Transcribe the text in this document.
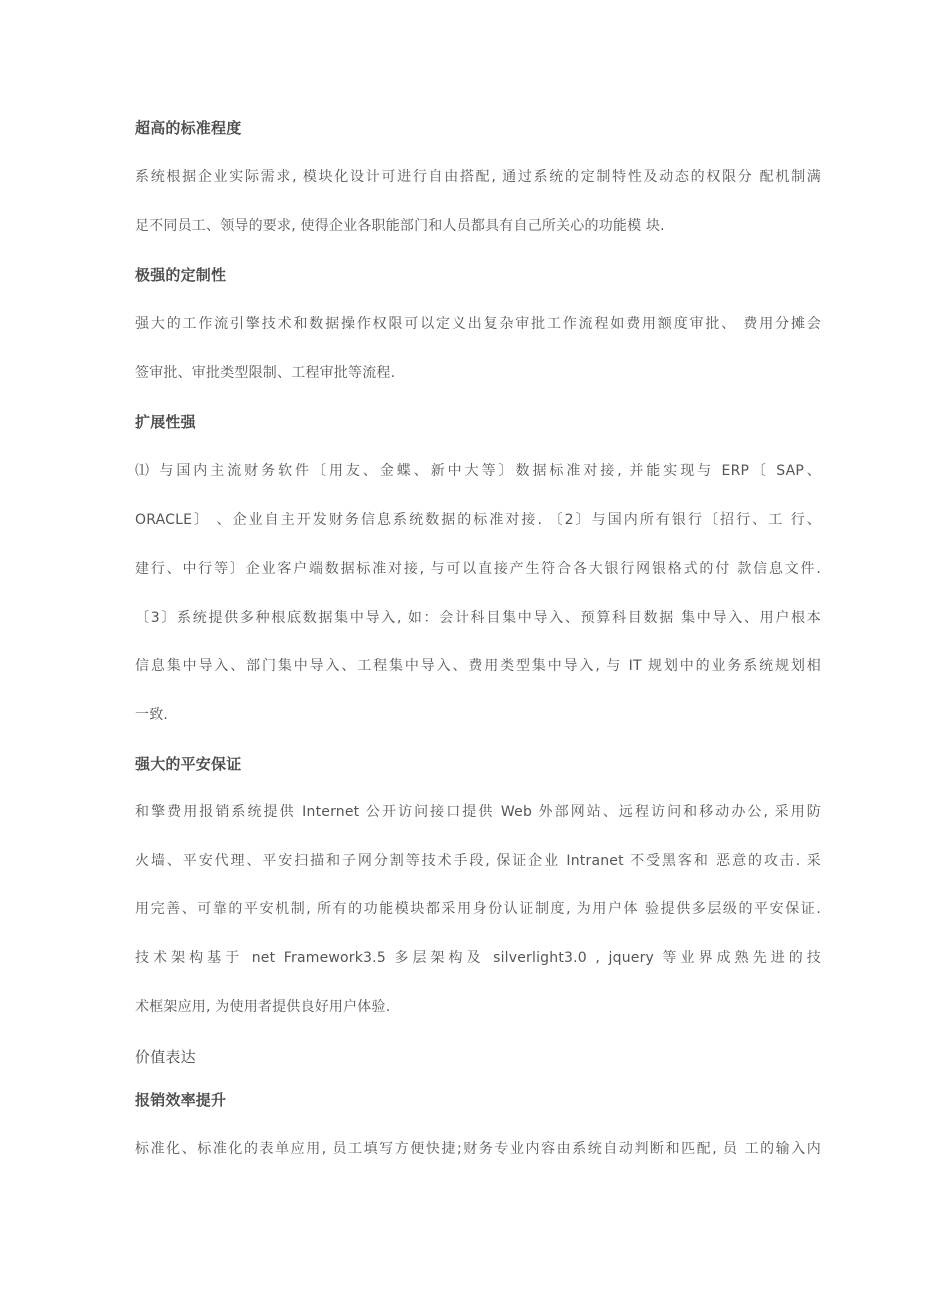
超高的标准程度
系统根据企业实际需求, 模块化设计可进行自由搭配, 通过系统的定制特性及动态的权限分 配机制满
足不同员工、领导的要求, 使得企业各职能部门和人员都具有自己所关心的功能模 块.
极强的定制性
强大的工作流引擎技术和数据操作权限可以定义出复杂审批工作流程如费用额度审批、 费用分摊会
签审批、审批类型限制、工程审批等流程.
扩展性强
⑴ 与国内主流财务软件〔用友、金蝶、新中大等〕数据标准对接, 并能实现与 ERP〔 SAP、
ORACLE〕 、企业自主开发财务信息系统数据的标准对接. 〔2〕与国内所有银行〔招行、工 行、
建行、中行等〕企业客户端数据标准对接, 与可以直接产生符合各大银行网银格式的付 款信息文件.
〔3〕系统提供多种根底数据集中导入, 如：会计科目集中导入、预算科目数据 集中导入、用户根本
信息集中导入、部门集中导入、工程集中导入、费用类型集中导入, 与 IT 规划中的业务系统规划相
一致.
强大的平安保证
和擎费用报销系统提供 Internet 公开访问接口提供 Web 外部网站、远程访问和移动办公, 采用防
火墙、平安代理、平安扫描和子网分割等技术手段, 保证企业 Intranet 不受黑客和 恶意的攻击. 采
用完善、可靠的平安机制, 所有的功能模块都采用身份认证制度, 为用户体 验提供多层级的平安保证.
技术架构基于 net Framework3.5 多层架构及 silverlight3.0 , jquery 等业界成熟先进的技
术框架应用, 为使用者提供良好用户体验.
价值表达
报销效率提升
标准化、标准化的表单应用, 员工填写方便快捷;财务专业内容由系统自动判断和匹配, 员 工的输入内
